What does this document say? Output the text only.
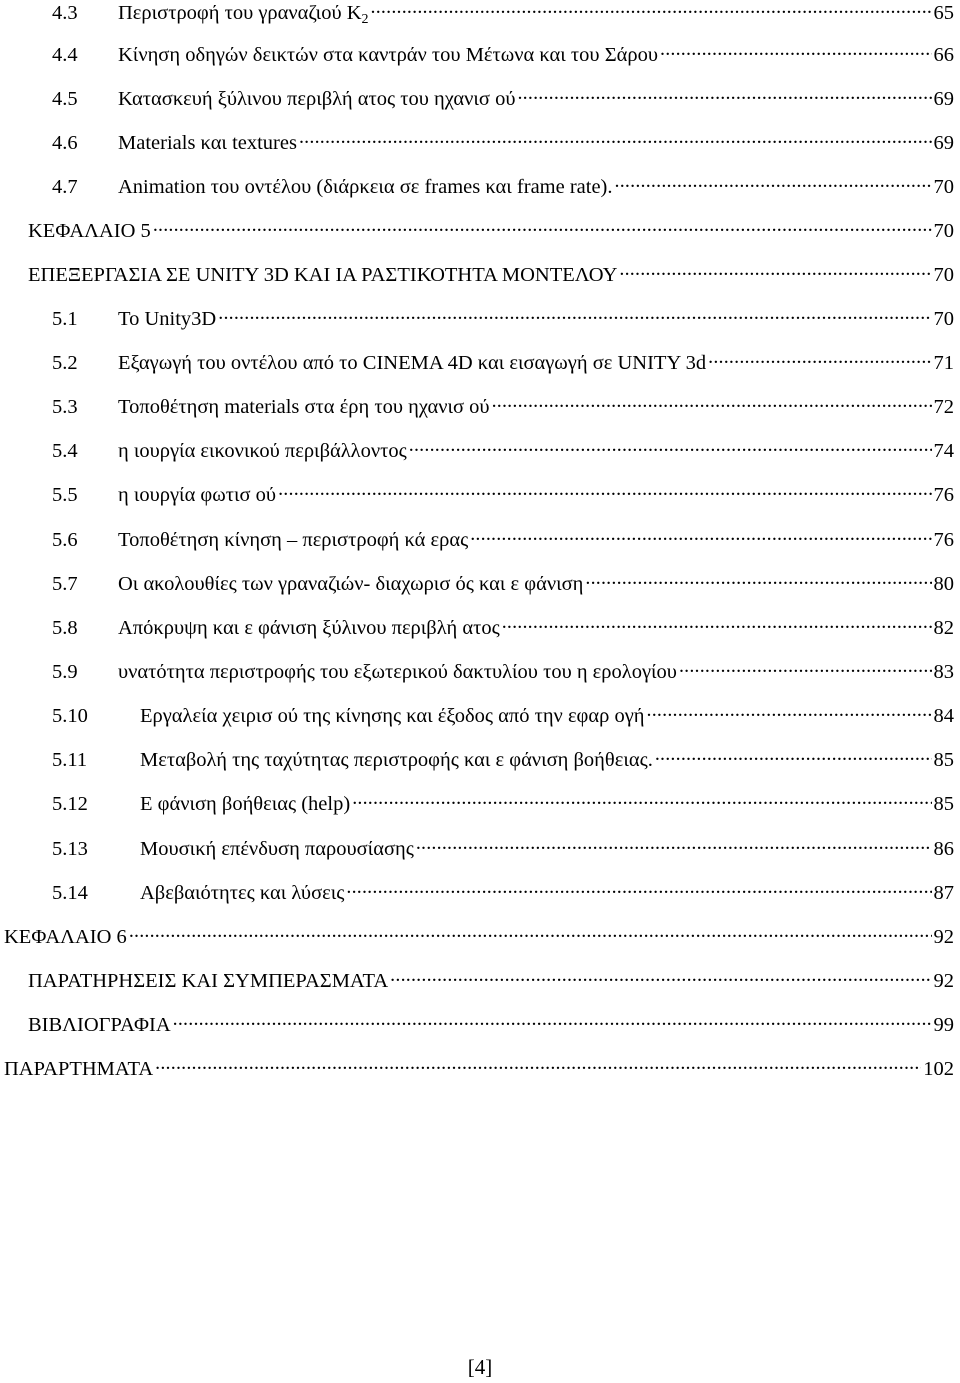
4.3	Περιστροφή του γραναζιού $K_2$ .....	65
4.4	Κίνηση οδηγών δεικτών στα καντράν του Μέτωνα και του Σάρου .....	66
4.5	Κατασκευή ξύλινου περιβλή ατος του ηχανισ ού .....	69
4.6	Materials και textures .....	69
4.7	Animation του οντέλου (διάρκεια σε frames και frame rate). .....	70
ΚΕΦΑΛΑΙΟ 5 .....	70
ΕΠΕΞΕΡΓΑΣΙΑ ΣΕ UNITY 3D ΚΑΙ ΙΑ ΡΑΣΤΙΚΟΤΗΤΑ ΜΟΝΤΕΛΟΥ .....	70
5.1	Το Unity3D .....	70
5.2	Εξαγωγή του οντέλου από το CINEMA 4D και εισαγωγή σε UNITY 3d .....	71
5.3	Τοποθέτηση materials στα έρη του ηχανισ ού .....	72
5.4	η ιουργία εικονικού περιβάλλοντος .....	74
5.5	η ιουργία φωτισ ού .....	76
5.6	Τοποθέτηση κίνηση – περιστροφή κά ερας .....	76
5.7	Οι ακολουθίες των γραναζιών- διαχωρισ ός και ε φάνιση .....	80
5.8	Απόκρυψη και ε φάνιση ξύλινου περιβλή ατος .....	82
5.9	υνατότητα περιστροφής του εξωτερικού δακτυλίου του η ερολογίου .....	83
5.10	Εργαλεία χειρισ ού της κίνησης και έξοδος από την εφαρ ογή .....	84
5.11	Μεταβολή της ταχύτητας περιστροφής και ε φάνιση βοήθειας. .....	85
5.12	Ε φάνιση βοήθειας (help) .....	85
5.13	Μουσική επένδυση παρουσίασης .....	86
5.14	Αβεβαιότητες και λύσεις .....	87
ΚΕΦΑΛΑΙΟ 6 .....	92
ΠΑΡΑΤΗΡΗΣΕΙΣ ΚΑΙ ΣΥΜΠΕΡΑΣΜΑΤΑ .....	92
ΒΙΒΛΙΟΓΡΑΦΙΑ .....	99
ΠΑΡΑΡΤΗΜΑΤΑ .....	102
[4]
